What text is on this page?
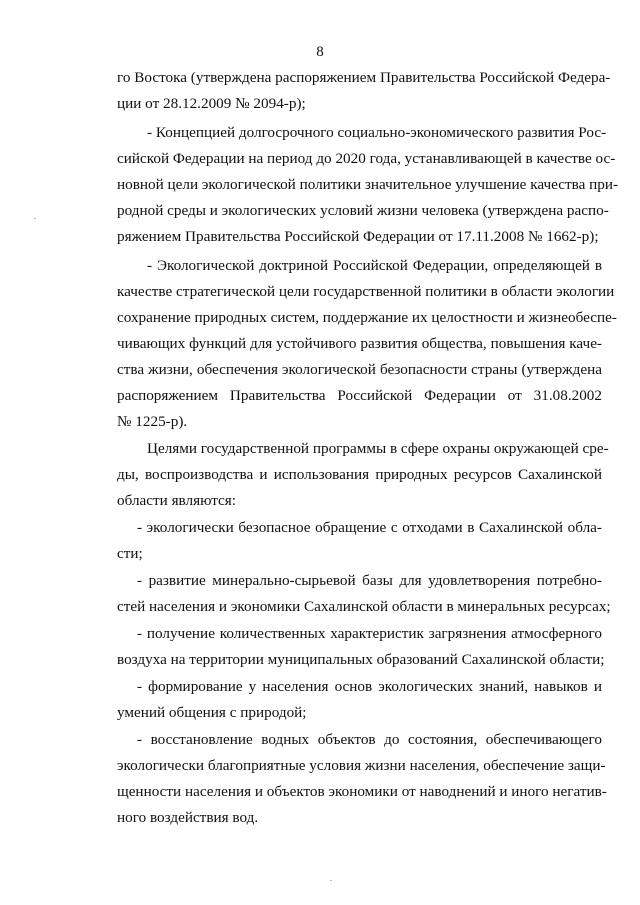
8
го Востока (утверждена распоряжением Правительства Российской Федера-
ции от 28.12.2009 № 2094-р);
- Концепцией долгосрочного социально-экономического развития Рос-
сийской Федерации на период до 2020 года, устанавливающей в качестве ос-
новной цели экологической политики значительное улучшение качества при-
родной среды и экологических условий жизни человека (утверждена распо-
ряжением Правительства Российской Федерации от 17.11.2008 № 1662-р);
- Экологической доктриной Российской Федерации, определяющей в
качестве стратегической цели государственной политики в области экологии
сохранение природных систем, поддержание их целостности и жизнеобеспе-
чивающих функций для устойчивого развития общества, повышения каче-
ства жизни, обеспечения экологической безопасности страны (утверждена
распоряжением Правительства Российской Федерации от 31.08.2002
№ 1225-р).
Целями государственной программы в сфере охраны окружающей сре-
ды, воспроизводства и использования природных ресурсов Сахалинской
области являются:
- экологически безопасное обращение с отходами в Сахалинской обла-
сти;
- развитие минерально-сырьевой базы для удовлетворения потребно-
стей населения и экономики Сахалинской области в минеральных ресурсах;
- получение количественных характеристик загрязнения атмосферного
воздуха на территории муниципальных образований Сахалинской области;
- формирование у населения основ экологических знаний, навыков и
умений общения с природой;
- восстановление водных объектов до состояния, обеспечивающего
экологически благоприятные условия жизни населения, обеспечение защи-
щенности населения и объектов экономики от наводнений и иного негатив-
ного воздействия вод.
